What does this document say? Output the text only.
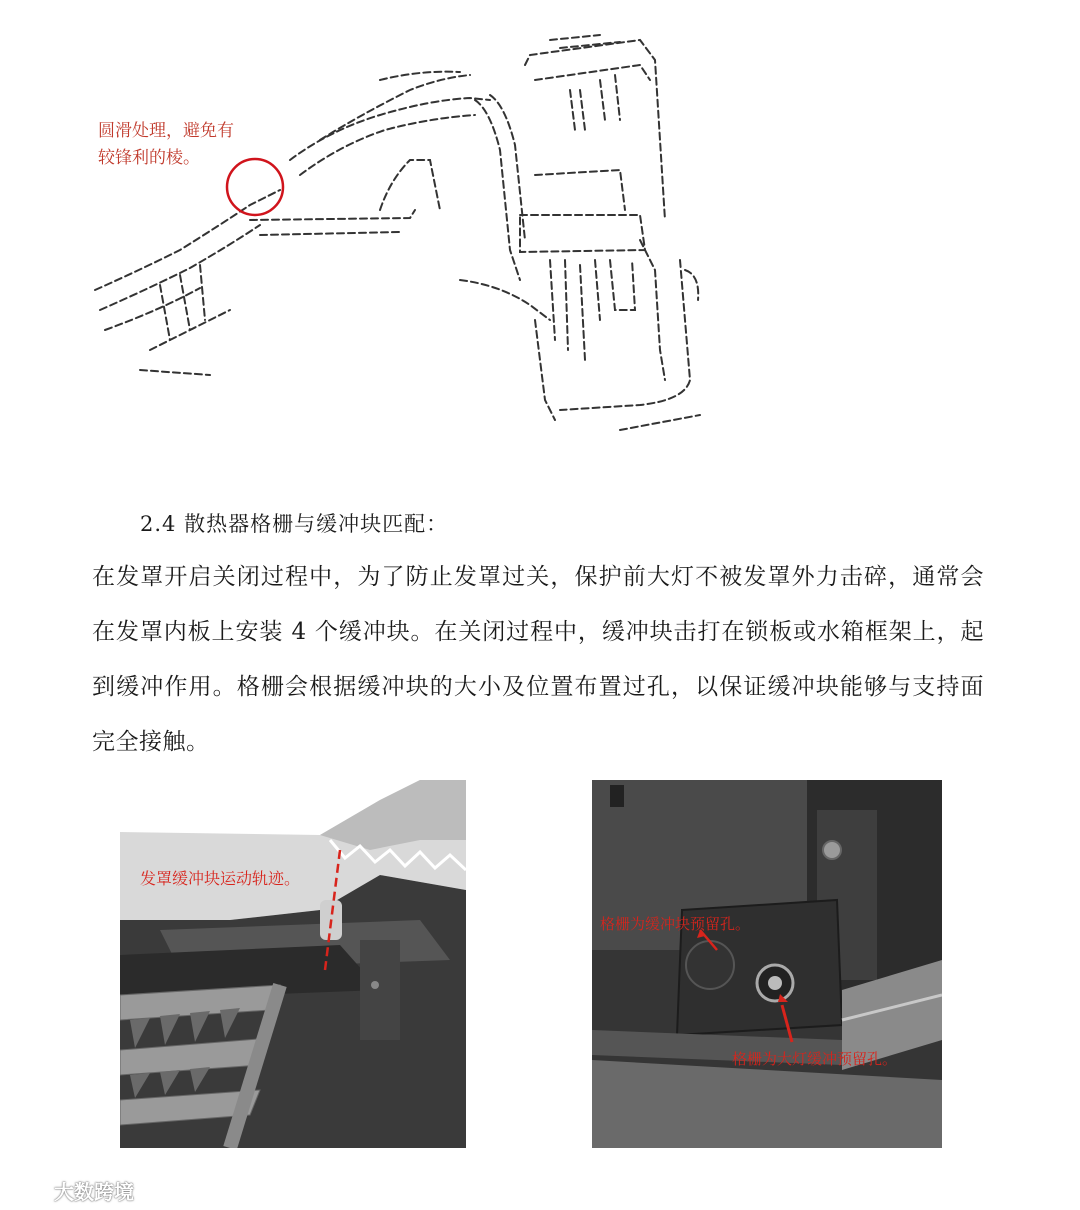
圆滑处理，避免有
较锋利的棱。
2.4 散热器格栅与缓冲块匹配：
在发罩开启关闭过程中，为了防止发罩过关，保护前大灯不被发罩外力击碎，通常会在发罩内板上安装 4 个缓冲块。在关闭过程中，缓冲块击打在锁板或水箱框架上，起到缓冲作用。格栅会根据缓冲块的大小及位置布置过孔，以保证缓冲块能够与支持面完全接触。
发罩缓冲块运动轨迹。
格栅为缓冲块预留孔。
格栅为大灯缓冲预留孔。
大数跨境
